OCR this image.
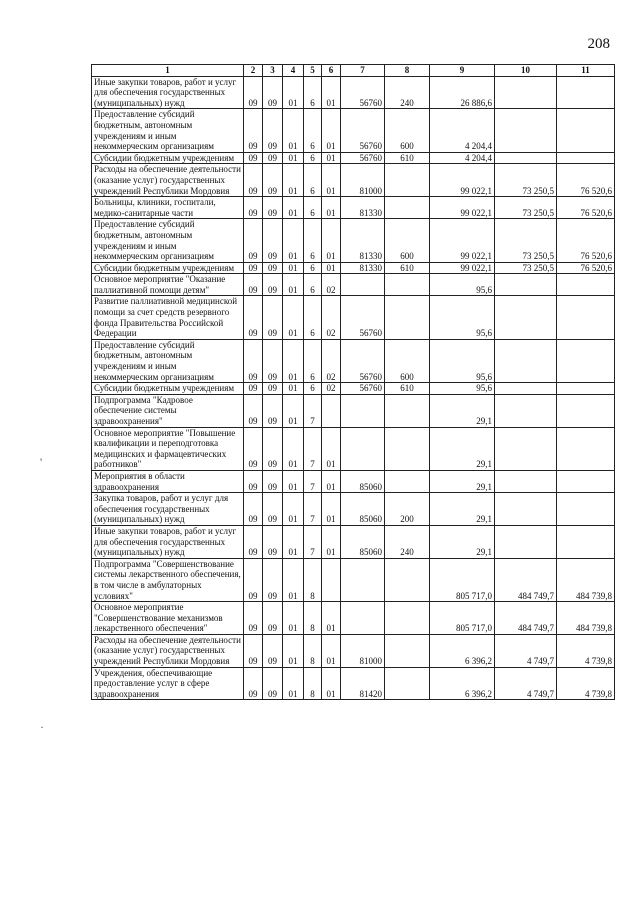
208
1	2	3	4	5	6	7	8	9	10	11
Иные закупки товаров, работ и услуг для обеспечения государственных (муниципальных) нужд	09	09	01	6	01	56760	240	26 886,6		
Предоставление субсидий бюджетным, автономным учреждениям и иным некоммерческим организациям	09	09	01	6	01	56760	600	4 204,4		
Субсидии бюджетным учреждениям	09	09	01	6	01	56760	610	4 204,4		
Расходы на обеспечение деятельности (оказание услуг) государственных учреждений Республики Мордовия	09	09	01	6	01	81000		99 022,1	73 250,5	76 520,6
Больницы, клиники, госпитали, медико-санитарные части	09	09	01	6	01	81330		99 022,1	73 250,5	76 520,6
Предоставление субсидий бюджетным, автономным учреждениям и иным некоммерческим организациям	09	09	01	6	01	81330	600	99 022,1	73 250,5	76 520,6
Субсидии бюджетным учреждениям	09	09	01	6	01	81330	610	99 022,1	73 250,5	76 520,6
Основное мероприятие "Оказание паллиативной помощи детям"	09	09	01	6	02			95,6		
Развитие паллиативной медицинской помощи за счет средств резервного фонда Правительства Российской Федерации	09	09	01	6	02	56760		95,6		
Предоставление субсидий бюджетным, автономным учреждениям и иным некоммерческим организациям	09	09	01	6	02	56760	600	95,6		
Субсидии бюджетным учреждениям	09	09	01	6	02	56760	610	95,6		
Подпрограмма "Кадровое обеспечение системы здравоохранения"	09	09	01	7				29,1		
Основное мероприятие "Повышение квалификации и переподготовка медицинских и фармацевтических работников"	09	09	01	7	01			29,1		
Мероприятия в области здравоохранения	09	09	01	7	01	85060		29,1		
Закупка товаров, работ и услуг для обеспечения государственных (муниципальных) нужд	09	09	01	7	01	85060	200	29,1		
Иные закупки товаров, работ и услуг для обеспечения государственных (муниципальных) нужд	09	09	01	7	01	85060	240	29,1		
Подпрограмма "Совершенствование системы лекарственного обеспечения, в том числе в амбулаторных условиях"	09	09	01	8				805 717,0	484 749,7	484 739,8
Основное мероприятие "Совершенствование механизмов лекарственного обеспечения"	09	09	01	8	01			805 717,0	484 749,7	484 739,8
Расходы на обеспечение деятельности (оказание услуг) государственных учреждений Республики Мордовия	09	09	01	8	01	81000		6 396,2	4 749,7	4 739,8
Учреждения, обеспечивающие предоставление услуг в сфере здравоохранения	09	09	01	8	01	81420		6 396,2	4 749,7	4 739,8
'
·
